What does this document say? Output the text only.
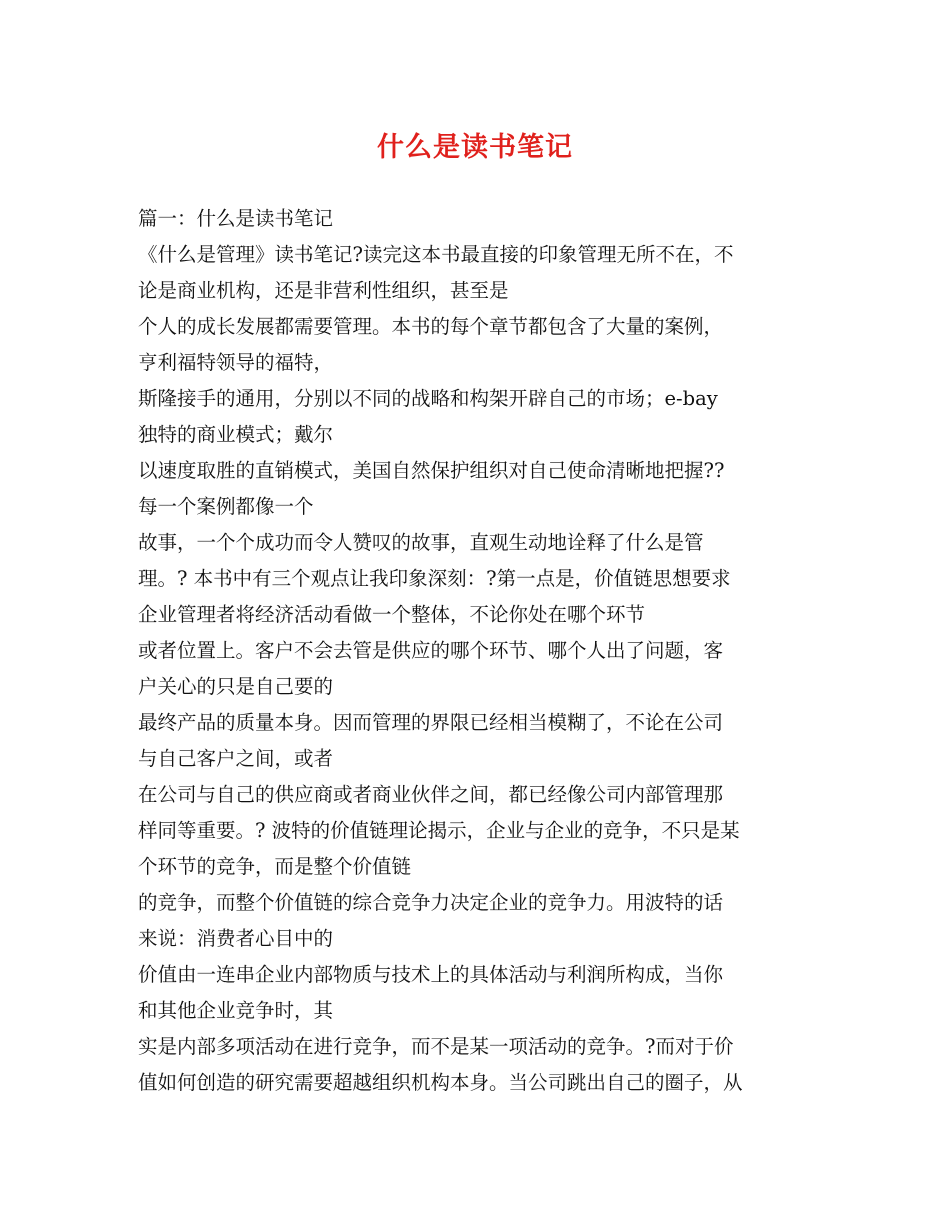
什么是读书笔记
篇一：什么是读书笔记
《什么是管理》读书笔记?读完这本书最直接的印象管理无所不在，不
论是商业机构，还是非营利性组织，甚至是
个人的成长发展都需要管理。本书的每个章节都包含了大量的案例，
亨利福特领导的福特，
斯隆接手的通用，分别以不同的战略和构架开辟自己的市场；e-bay
独特的商业模式；戴尔
以速度取胜的直销模式，美国自然保护组织对自己使命清晰地把握??
每一个案例都像一个
故事，一个个成功而令人赞叹的故事，直观生动地诠释了什么是管
理。? 本书中有三个观点让我印象深刻：?第一点是，价值链思想要求
企业管理者将经济活动看做一个整体，不论你处在哪个环节
或者位置上。客户不会去管是供应的哪个环节、哪个人出了问题，客
户关心的只是自己要的
最终产品的质量本身。因而管理的界限已经相当模糊了，不论在公司
与自己客户之间，或者
在公司与自己的供应商或者商业伙伴之间，都已经像公司内部管理那
样同等重要。? 波特的价值链理论揭示，企业与企业的竞争，不只是某
个环节的竞争，而是整个价值链
的竞争，而整个价值链的综合竞争力决定企业的竞争力。用波特的话
来说：消费者心目中的
价值由一连串企业内部物质与技术上的具体活动与利润所构成，当你
和其他企业竞争时，其
实是内部多项活动在进行竞争，而不是某一项活动的竞争。?而对于价
值如何创造的研究需要超越组织机构本身。当公司跳出自己的圈子，从
